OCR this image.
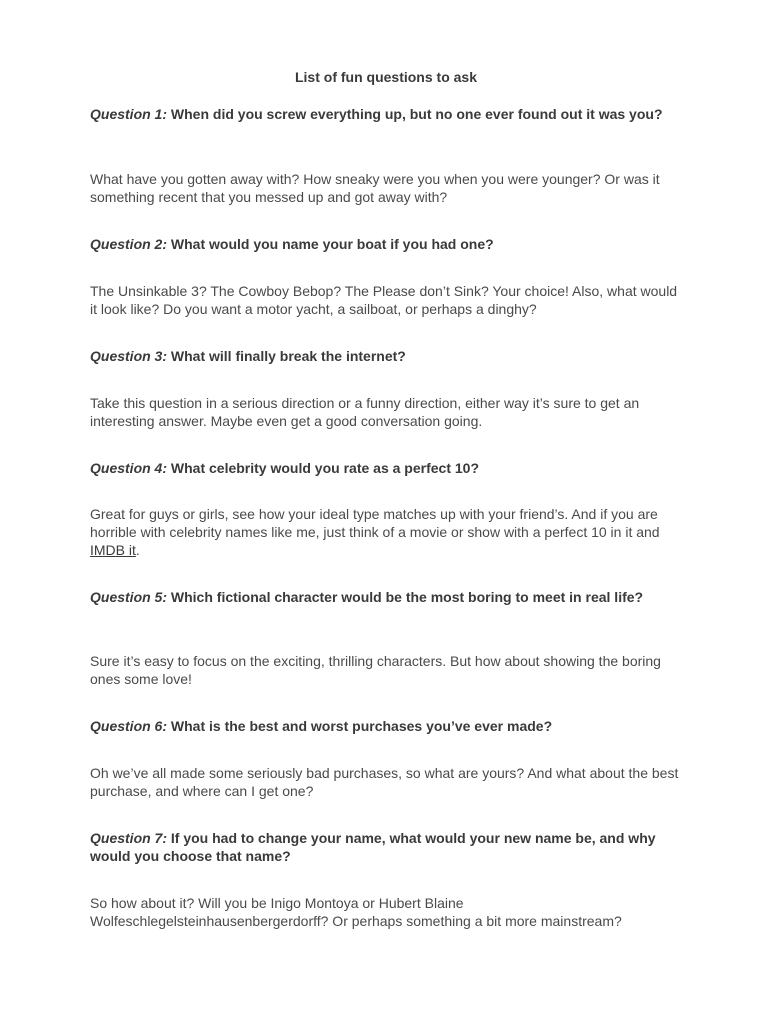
List of fun questions to ask
Question 1: When did you screw everything up, but no one ever found out it was you?
What have you gotten away with? How sneaky were you when you were younger? Or was it something recent that you messed up and got away with?
Question 2: What would you name your boat if you had one?
The Unsinkable 3? The Cowboy Bebop? The Please don’t Sink? Your choice! Also, what would it look like? Do you want a motor yacht, a sailboat, or perhaps a dinghy?
Question 3: What will finally break the internet?
Take this question in a serious direction or a funny direction, either way it’s sure to get an interesting answer. Maybe even get a good conversation going.
Question 4: What celebrity would you rate as a perfect 10?
Great for guys or girls, see how your ideal type matches up with your friend’s. And if you are horrible with celebrity names like me, just think of a movie or show with a perfect 10 in it and IMDB it.
Question 5: Which fictional character would be the most boring to meet in real life?
Sure it’s easy to focus on the exciting, thrilling characters. But how about showing the boring ones some love!
Question 6: What is the best and worst purchases you’ve ever made?
Oh we’ve all made some seriously bad purchases, so what are yours? And what about the best purchase, and where can I get one?
Question 7: If you had to change your name, what would your new name be, and why would you choose that name?
So how about it? Will you be Inigo Montoya or Hubert Blaine Wolfeschlegelsteinhausenbergerdorff? Or perhaps something a bit more mainstream?
